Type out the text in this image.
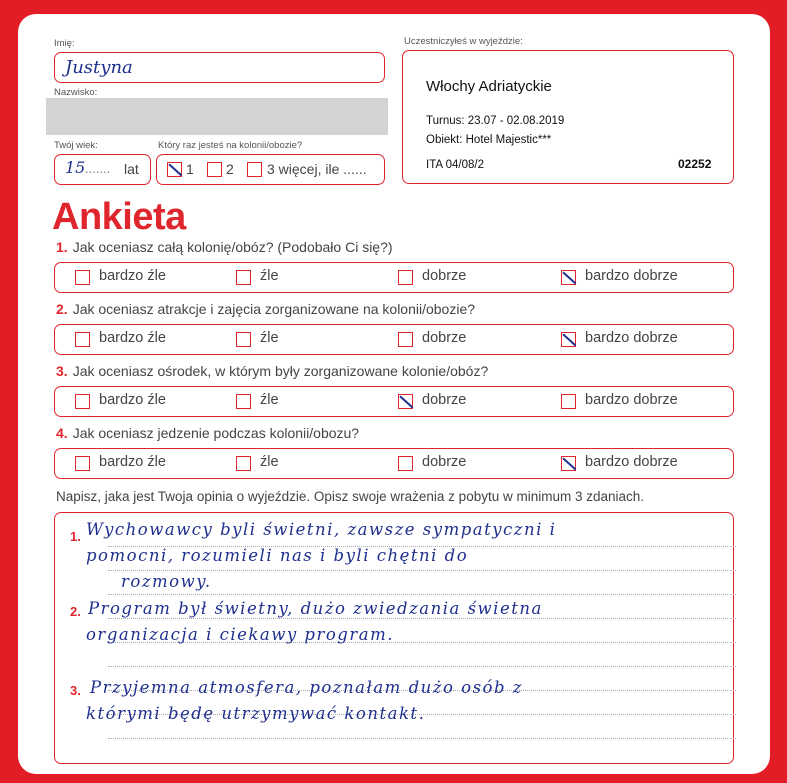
Imię:
Justyna
Nazwisko:
Twój wiek:
15 ....... lat
Który raz jesteś na kolonii/obozie?
1 2 3 więcej, ile ......
Uczestniczyłeś w wyjeździe:
Włochy Adriatyckie
Turnus: 23.07 - 02.08.2019
Obiekt: Hotel Majestic***
ITA 04/08/2	02252
Ankieta
1. Jak oceniasz całą kolonię/obóz? (Podobało Ci się?)
bardzo źle	źle	dobrze	bardzo dobrze
2. Jak oceniasz atrakcje i zajęcia zorganizowane na kolonii/obozie?
bardzo źle	źle	dobrze	bardzo dobrze
3. Jak oceniasz ośrodek, w którym były zorganizowane kolonie/obóz?
bardzo źle	źle	dobrze	bardzo dobrze
4. Jak oceniasz jedzenie podczas kolonii/obozu?
bardzo źle	źle	dobrze	bardzo dobrze
Napisz, jaka jest Twoja opinia o wyjeździe. Opisz swoje wrażenia z pobytu w minimum 3 zdaniach.
1.
2.
3.
Wychowawcy byli świetni, zawsze sympatyczni i
pomocni, rozumieli nas i byli chętni do
rozmowy.
Program był świetny, dużo zwiedzania świetna
organizacja i ciekawy program.
Przyjemna atmosfera, poznałam dużo osób z
którymi będę utrzymywać kontakt.
